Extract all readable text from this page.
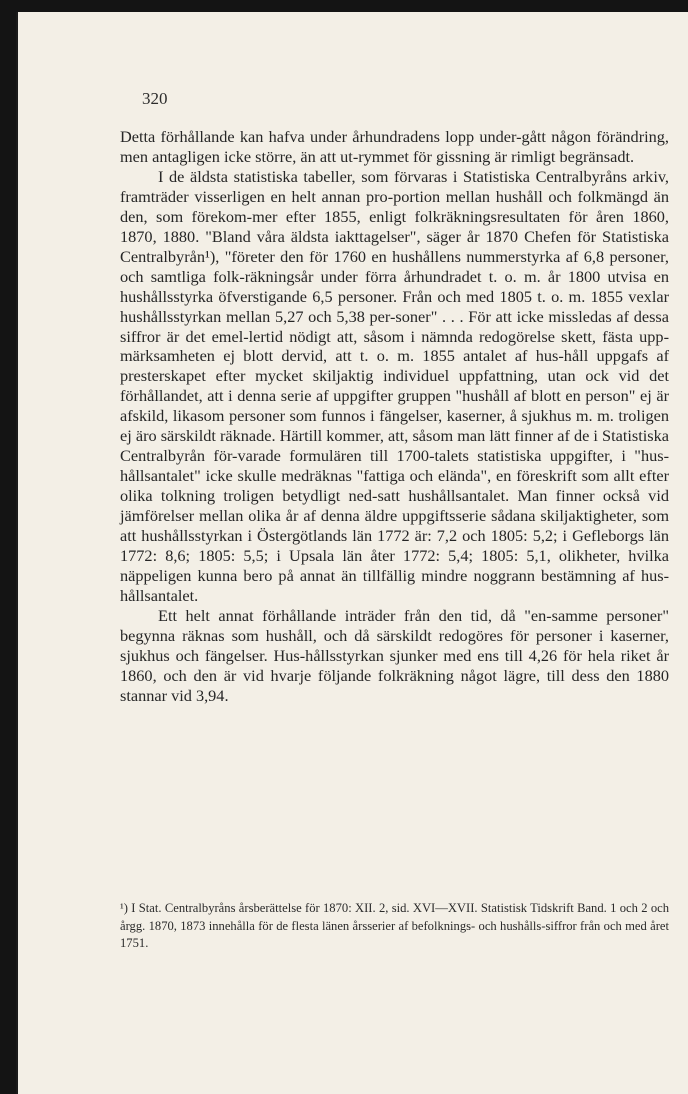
320

Detta förhållande kan hafva under århundradens lopp under-gått någon förändring, men antagligen icke större, än att ut-rymmet för gissning är rimligt begränsadt.

I de äldsta statistiska tabeller, som förvaras i Statistiska Centralbyråns arkiv, framträder visserligen en helt annan pro-portion mellan hushåll och folkmängd än den, som förekom-mer efter 1855, enligt folkräkningsresultaten för åren 1860, 1870, 1880. "Bland våra äldsta iakttagelser", säger år 1870 Chefen för Statistiska Centralbyrån¹), "företer den för 1760 en hushållens nummerstyrka af 6,8 personer, och samtliga folk-räkningsår under förra århundradet t. o. m. år 1800 utvisa en hushållsstyrka öfverstigande 6,5 personer. Från och med 1805 t. o. m. 1855 vexlar hushållsstyrkan mellan 5,27 och 5,38 per-soner" . . . För att icke missledas af dessa siffror är det emel-lertid nödigt att, såsom i nämnda redogörelse skett, fästa upp-märksamheten ej blott dervid, att t. o. m. 1855 antalet af hus-håll uppgafs af presterskapet efter mycket skiljaktig individuel uppfattning, utan ock vid det förhållandet, att i denna serie af uppgifter gruppen "hushåll af blott en person" ej är afskild, likasom personer som funnos i fängelser, kaserner, å sjukhus m. m. troligen ej äro särskildt räknade. Härtill kommer, att, såsom man lätt finner af de i Statistiska Centralbyrån för-varade formulären till 1700-talets statistiska uppgifter, i "hus-hållsantalet" icke skulle medräknas "fattiga och elända", en föreskrift som allt efter olika tolkning troligen betydligt ned-satt hushållsantalet. Man finner också vid jämförelser mellan olika år af denna äldre uppgiftsserie sådana skiljaktigheter, som att hushållsstyrkan i Östergötlands län 1772 är: 7,2 och 1805: 5,2; i Gefleborgs län 1772: 8,6; 1805: 5,5; i Upsala län åter 1772: 5,4; 1805: 5,1, olikheter, hvilka näppeligen kunna bero på annat än tillfällig mindre noggrann bestämning af hus-hållsantalet.

Ett helt annat förhållande inträder från den tid, då "en-samme personer" begynna räknas som hushåll, och då särskildt redogöres för personer i kaserner, sjukhus och fängelser. Hus-hållsstyrkan sjunker med ens till 4,26 för hela riket år 1860, och den är vid hvarje följande folkräkning något lägre, till dess den 1880 stannar vid 3,94.

¹) I Stat. Centralbyråns årsberättelse för 1870: XII. 2, sid. XVI—XVII. Statistisk Tidskrift Band. 1 och 2 och årgg. 1870, 1873 innehålla för de flesta länen årsserier af befolknings- och hushålls-siffror från och med året 1751.
